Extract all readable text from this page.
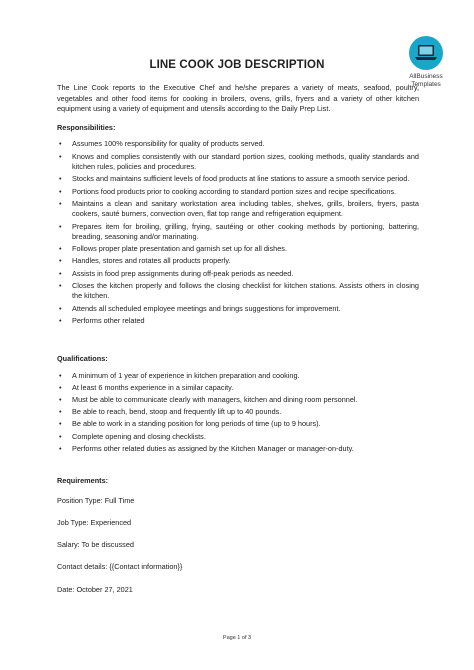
AllBusiness
Templates
LINE COOK JOB DESCRIPTION

The Line Cook reports to the Executive Chef and he/she prepares a variety of meats, seafood, poultry, vegetables and other food items for cooking in broilers, ovens, grills, fryers and a variety of other kitchen equipment using a variety of equipment and utensils according to the Daily Prep List.

Responsibilities:

• Assumes 100% responsibility for quality of products served.
• Knows and complies consistently with our standard portion sizes, cooking methods, quality standards and kitchen rules, policies and procedures.
• Stocks and maintains sufficient levels of food products at line stations to assure a smooth service period.
• Portions food products prior to cooking according to standard portion sizes and recipe specifications.
• Maintains a clean and sanitary workstation area including tables, shelves, grills, broilers, fryers, pasta cookers, sauté burners, convection oven, flat top range and refrigeration equipment.
• Prepares item for broiling, grilling, frying, sautéing or other cooking methods by portioning, battering, breading, seasoning and/or marinating.
• Follows proper plate presentation and garnish set up for all dishes.
• Handles, stores and rotates all products properly.
• Assists in food prep assignments during off-peak periods as needed.
• Closes the kitchen properly and follows the closing checklist for kitchen stations. Assists others in closing the kitchen.
• Attends all scheduled employee meetings and brings suggestions for improvement.
• Performs other related

Qualifications:

• A minimum of 1 year of experience in kitchen preparation and cooking.
• At least 6 months experience in a similar capacity.
• Must be able to communicate clearly with managers, kitchen and dining room personnel.
• Be able to reach, bend, stoop and frequently lift up to 40 pounds.
• Be able to work in a standing position for long periods of time (up to 9 hours).
• Complete opening and closing checklists.
• Performs other related duties as assigned by the Kitchen Manager or manager-on-duty.

Requirements:

Position Type: Full Time

Job Type: Experienced

Salary: To be discussed

Contact details: {{Contact information}}

Date: October 27, 2021

Page 1 of 3
